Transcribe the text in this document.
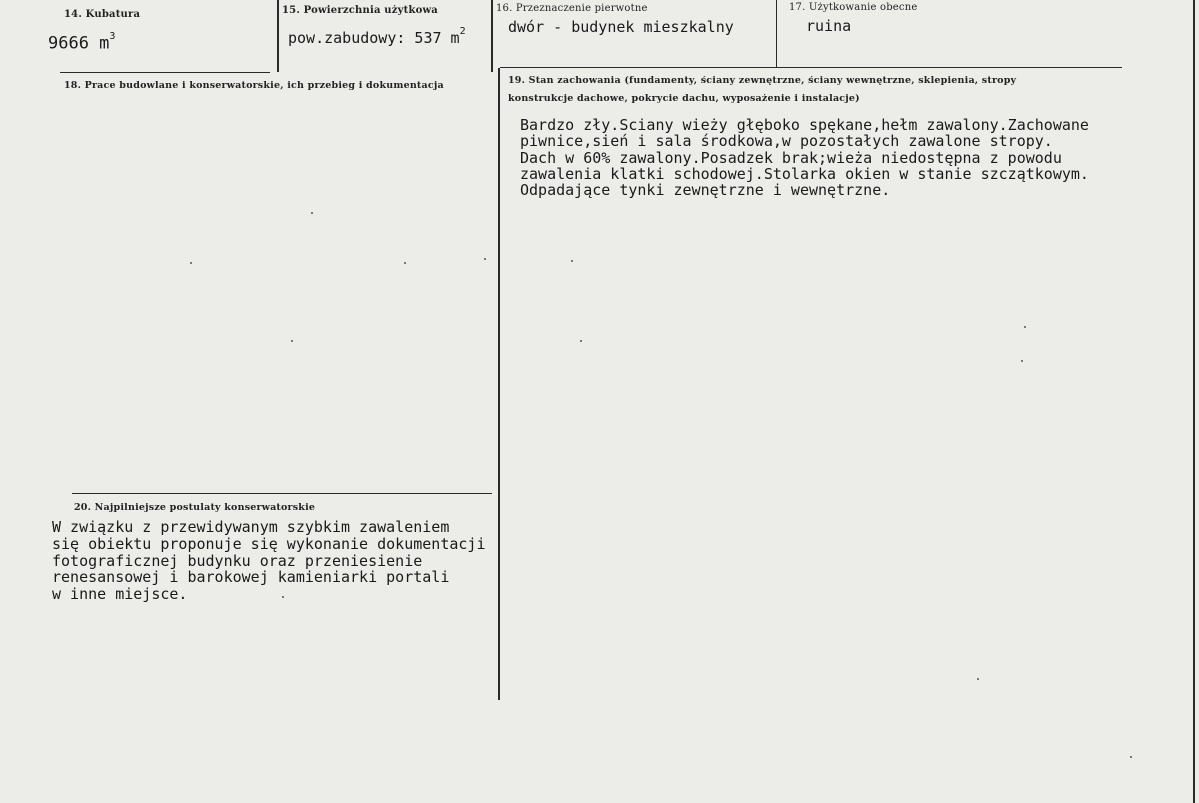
14. Kubatura
9666 $m^3$
15. Powierzchnia użytkowa
pow.zabudowy: 537 $m^2$
16. Przeznaczenie pierwotne
dwór - budynek mieszkalny
17. Użytkowanie obecne
ruina
18. Prace budowlane i konserwatorskie, ich przebieg i dokumentacja	19. Stan zachowania (fundamenty, ściany zewnętrzne, ściany wewnętrzne, sklepienia, stropy
konstrukcje dachowe, pokrycie dachu, wyposażenie i instalacje)
Bardzo zły.Sciany wieży głęboko spękane,hełm zawalony.Zachowane
piwnice,sień i sala środkowa,w pozostałych zawalone stropy.
Dach w 60% zawalony.Posadzek brak;wieża niedostępna z powodu
zawalenia klatki schodowej.Stolarka okien w stanie szczątkowym.
Odpadające tynki zewnętrzne i wewnętrzne.
20. Najpilniejsze postulaty konserwatorskie
W związku z przewidywanym szybkim zawaleniem
się obiektu proponuje się wykonanie dokumentacji
fotograficznej budynku oraz przeniesienie
renesansowej i barokowej kamieniarki portali
w inne miejsce.
